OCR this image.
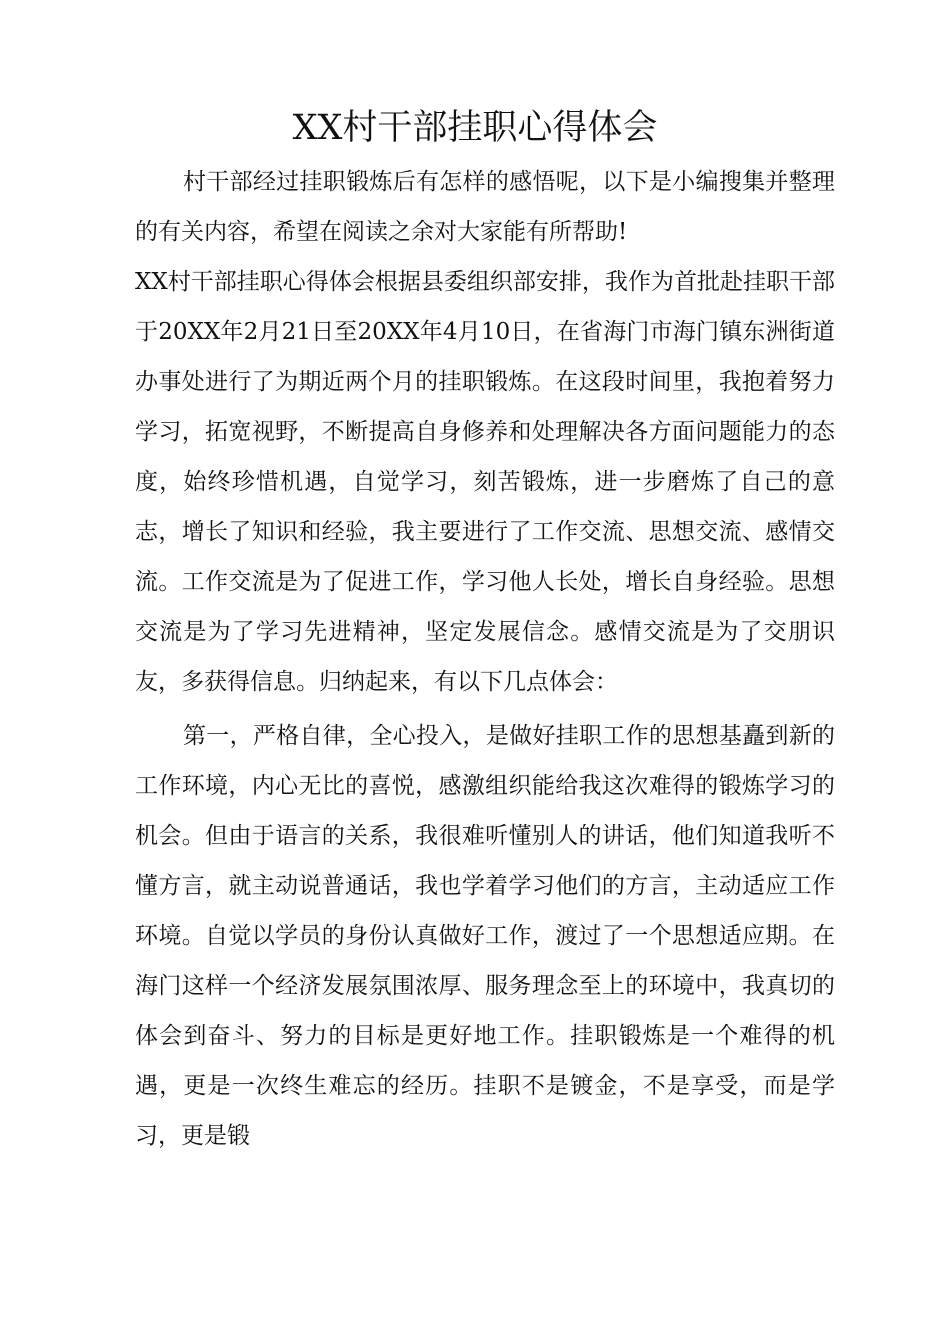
XX村干部挂职心得体会

村干部经过挂职锻炼后有怎样的感悟呢，以下是小编搜集并整理的有关内容，希望在阅读之余对大家能有所帮助!

XX村干部挂职心得体会根据县委组织部安排，我作为首批赴挂职干部于20XX年2月21日至20XX年4月10日，在省海门市海门镇东洲街道办事处进行了为期近两个月的挂职锻炼。在这段时间里，我抱着努力学习，拓宽视野，不断提高自身修养和处理解决各方面问题能力的态度，始终珍惜机遇，自觉学习，刻苦锻炼，进一步磨炼了自己的意志，增长了知识和经验，我主要进行了工作交流、思想交流、感情交流。工作交流是为了促进工作，学习他人长处，增长自身经验。思想交流是为了学习先进精神，坚定发展信念。感情交流是为了交朋识友，多获得信息。归纳起来，有以下几点体会：

第一，严格自律，全心投入，是做好挂职工作的思想基矗到新的工作环境，内心无比的喜悦，感激组织能给我这次难得的锻炼学习的机会。但由于语言的关系，我很难听懂别人的讲话，他们知道我听不懂方言，就主动说普通话，我也学着学习他们的方言，主动适应工作环境。自觉以学员的身份认真做好工作，渡过了一个思想适应期。在海门这样一个经济发展氛围浓厚、服务理念至上的环境中，我真切的体会到奋斗、努力的目标是更好地工作。挂职锻炼是一个难得的机遇，更是一次终生难忘的经历。挂职不是镀金，不是享受，而是学习，更是锻
